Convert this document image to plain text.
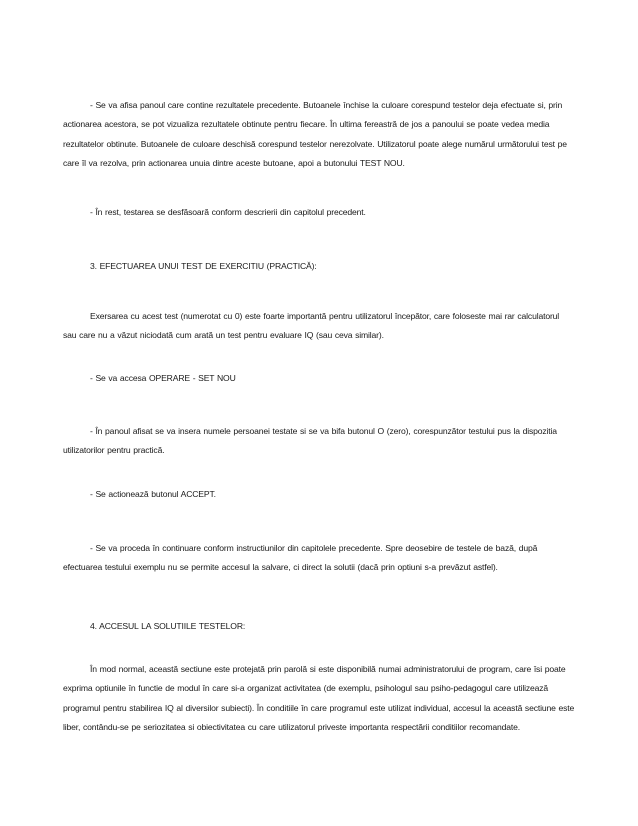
- Se va afisa panoul care contine rezultatele precedente. Butoanele închise la culoare corespund testelor deja efectuate si, prin actionarea acestora, se pot vizualiza rezultatele obtinute pentru fiecare. În ultima fereastră de jos a panoului se poate vedea media rezultatelor obtinute. Butoanele de culoare deschisă corespund testelor nerezolvate. Utilizatorul poate alege numărul următorului test pe care îl va rezolva, prin actionarea unuia dintre aceste butoane, apoi a butonului TEST NOU.

- În rest, testarea se desfăsoară conform descrierii din capitolul precedent.

3. EFECTUAREA UNUI TEST DE EXERCITIU (PRACTICĂ):

Exersarea cu acest test (numerotat cu 0) este foarte importantă pentru utilizatorul începător, care foloseste mai rar calculatorul sau care nu a văzut niciodată cum arată un test pentru evaluare IQ (sau ceva similar).

- Se va accesa OPERARE - SET NOU

- În panoul afisat se va insera numele persoanei testate si se va bifa butonul O (zero), corespunzător testului pus la dispozitia utilizatorilor pentru practică.

- Se actionează butonul ACCEPT.

- Se va proceda în continuare conform instructiunilor din capitolele precedente. Spre deosebire de testele de bază, după efectuarea testului exemplu nu se permite accesul la salvare, ci direct la solutii (dacă prin optiuni s-a prevăzut astfel).

4. ACCESUL LA SOLUTIILE TESTELOR:

În mod normal, această sectiune este protejată prin parolă si este disponibilă numai administratorului de program, care îsi poate exprima optiunile în functie de modul în care si-a organizat activitatea (de exemplu, psihologul sau psiho-pedagogul care utilizează programul pentru stabilirea IQ al diversilor subiecti). În conditiile în care programul este utilizat individual, accesul la această sectiune este liber, contându-se pe seriozitatea si obiectivitatea cu care utilizatorul priveste importanta respectării conditiilor recomandate.
